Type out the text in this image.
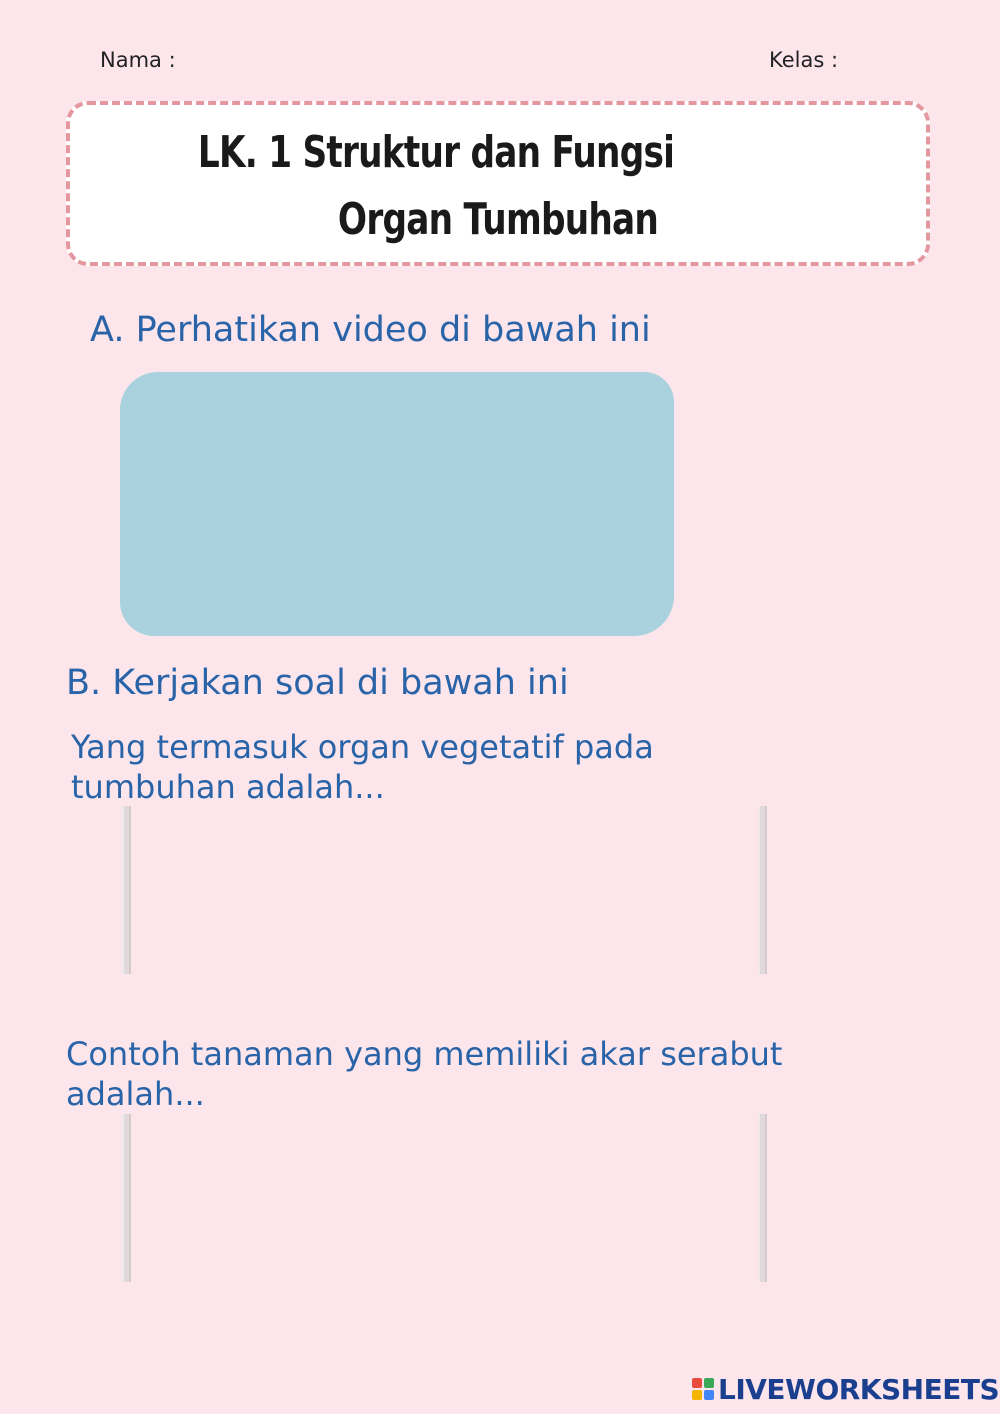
Nama :	Kelas :
LK. 1 Struktur dan Fungsi
Organ Tumbuhan
A. Perhatikan video di bawah ini
B. Kerjakan soal di bawah ini
Yang termasuk organ vegetatif pada tumbuhan adalah...
Contoh tanaman yang memiliki akar serabut adalah...
LIVEWORKSHEETS
